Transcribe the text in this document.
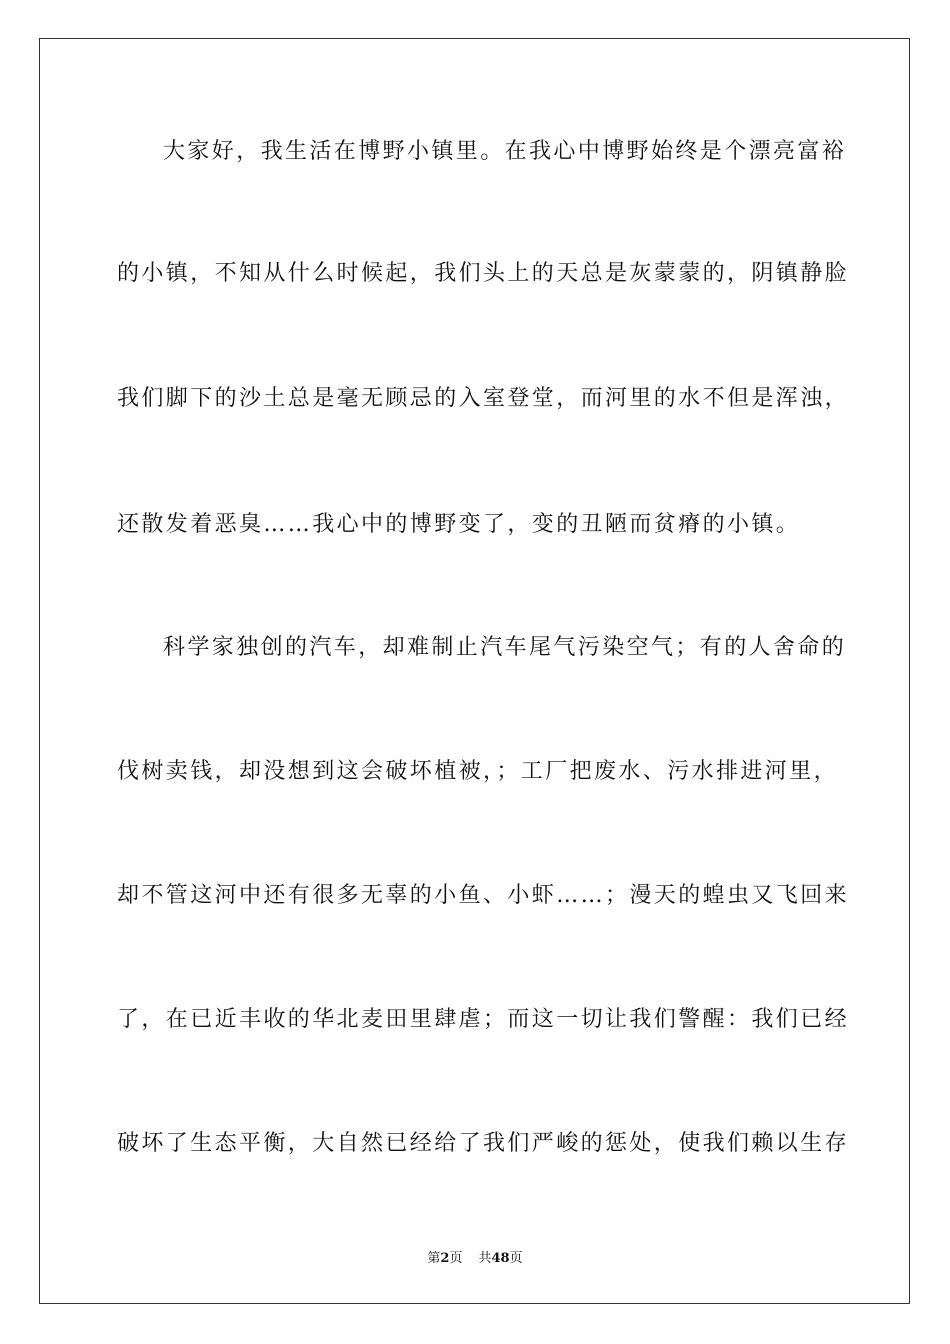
大家好，我生活在博野小镇里。在我心中博野始终是个漂亮富裕
的小镇，不知从什么时候起，我们头上的天总是灰蒙蒙的，阴镇静脸
我们脚下的沙土总是毫无顾忌的入室登堂，而河里的水不但是浑浊，
还散发着恶臭……我心中的博野变了，变的丑陋而贫瘠的小镇。
科学家独创的汽车，却难制止汽车尾气污染空气；有的人舍命的
伐树卖钱，却没想到这会破坏植被，；工厂把废水、污水排进河里，
却不管这河中还有很多无辜的小鱼、小虾……；漫天的蝗虫又飞回来
了，在已近丰收的华北麦田里肆虐；而这一切让我们警醒：我们已经
破坏了生态平衡，大自然已经给了我们严峻的惩处，使我们赖以生存
第2页 共48页
